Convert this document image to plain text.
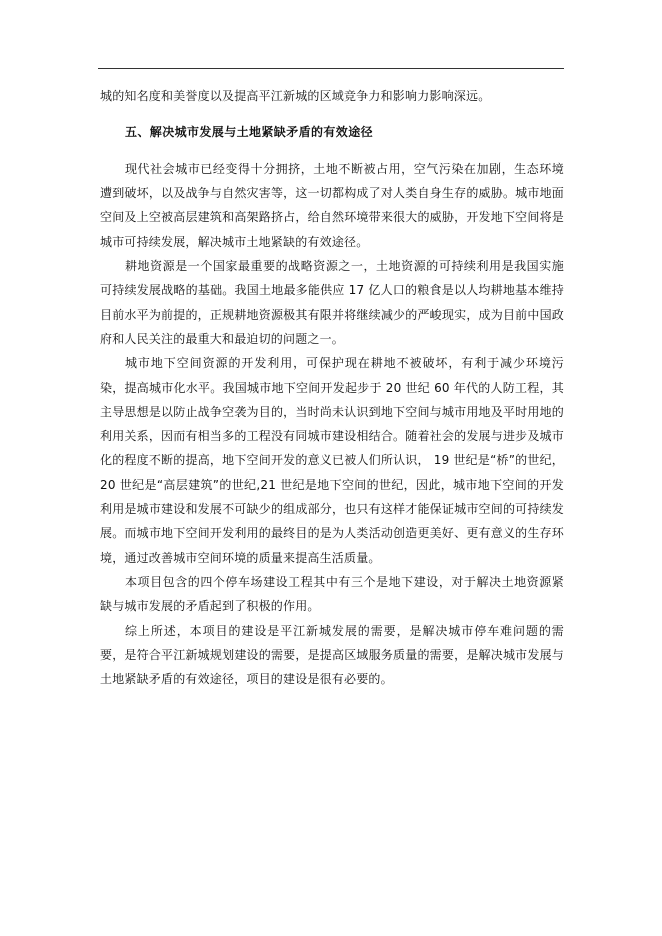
城的知名度和美誉度以及提高平江新城的区域竞争力和影响力影响深远。

五、解决城市发展与土地紧缺矛盾的有效途径

现代社会城市已经变得十分拥挤，土地不断被占用，空气污染在加剧，生态环境遭到破坏，以及战争与自然灾害等，这一切都构成了对人类自身生存的威胁。城市地面空间及上空被高层建筑和高架路挤占，给自然环境带来很大的威胁，开发地下空间将是城市可持续发展，解决城市土地紧缺的有效途径。

耕地资源是一个国家最重要的战略资源之一，土地资源的可持续利用是我国实施可持续发展战略的基础。我国土地最多能供应 17 亿人口的粮食是以人均耕地基本维持目前水平为前提的，正规耕地资源极其有限并将继续减少的严峻现实，成为目前中国政府和人民关注的最重大和最迫切的问题之一。

城市地下空间资源的开发利用，可保护现在耕地不被破坏，有利于减少环境污染，提高城市化水平。我国城市地下空间开发起步于 20 世纪 60 年代的人防工程，其主导思想是以防止战争空袭为目的，当时尚未认识到地下空间与城市用地及平时用地的利用关系，因而有相当多的工程没有同城市建设相结合。随着社会的发展与进步及城市化的程度不断的提高，地下空间开发的意义已被人们所认识， 19 世纪是“桥”的世纪，20 世纪是“高层建筑”的世纪,21 世纪是地下空间的世纪，因此，城市地下空间的开发利用是城市建设和发展不可缺少的组成部分，也只有这样才能保证城市空间的可持续发展。而城市地下空间开发利用的最终目的是为人类活动创造更美好、更有意义的生存环境，通过改善城市空间环境的质量来提高生活质量。

本项目包含的四个停车场建设工程其中有三个是地下建设，对于解决土地资源紧缺与城市发展的矛盾起到了积极的作用。

综上所述，本项目的建设是平江新城发展的需要，是解决城市停车难问题的需要，是符合平江新城规划建设的需要，是提高区域服务质量的需要，是解决城市发展与土地紧缺矛盾的有效途径，项目的建设是很有必要的。
